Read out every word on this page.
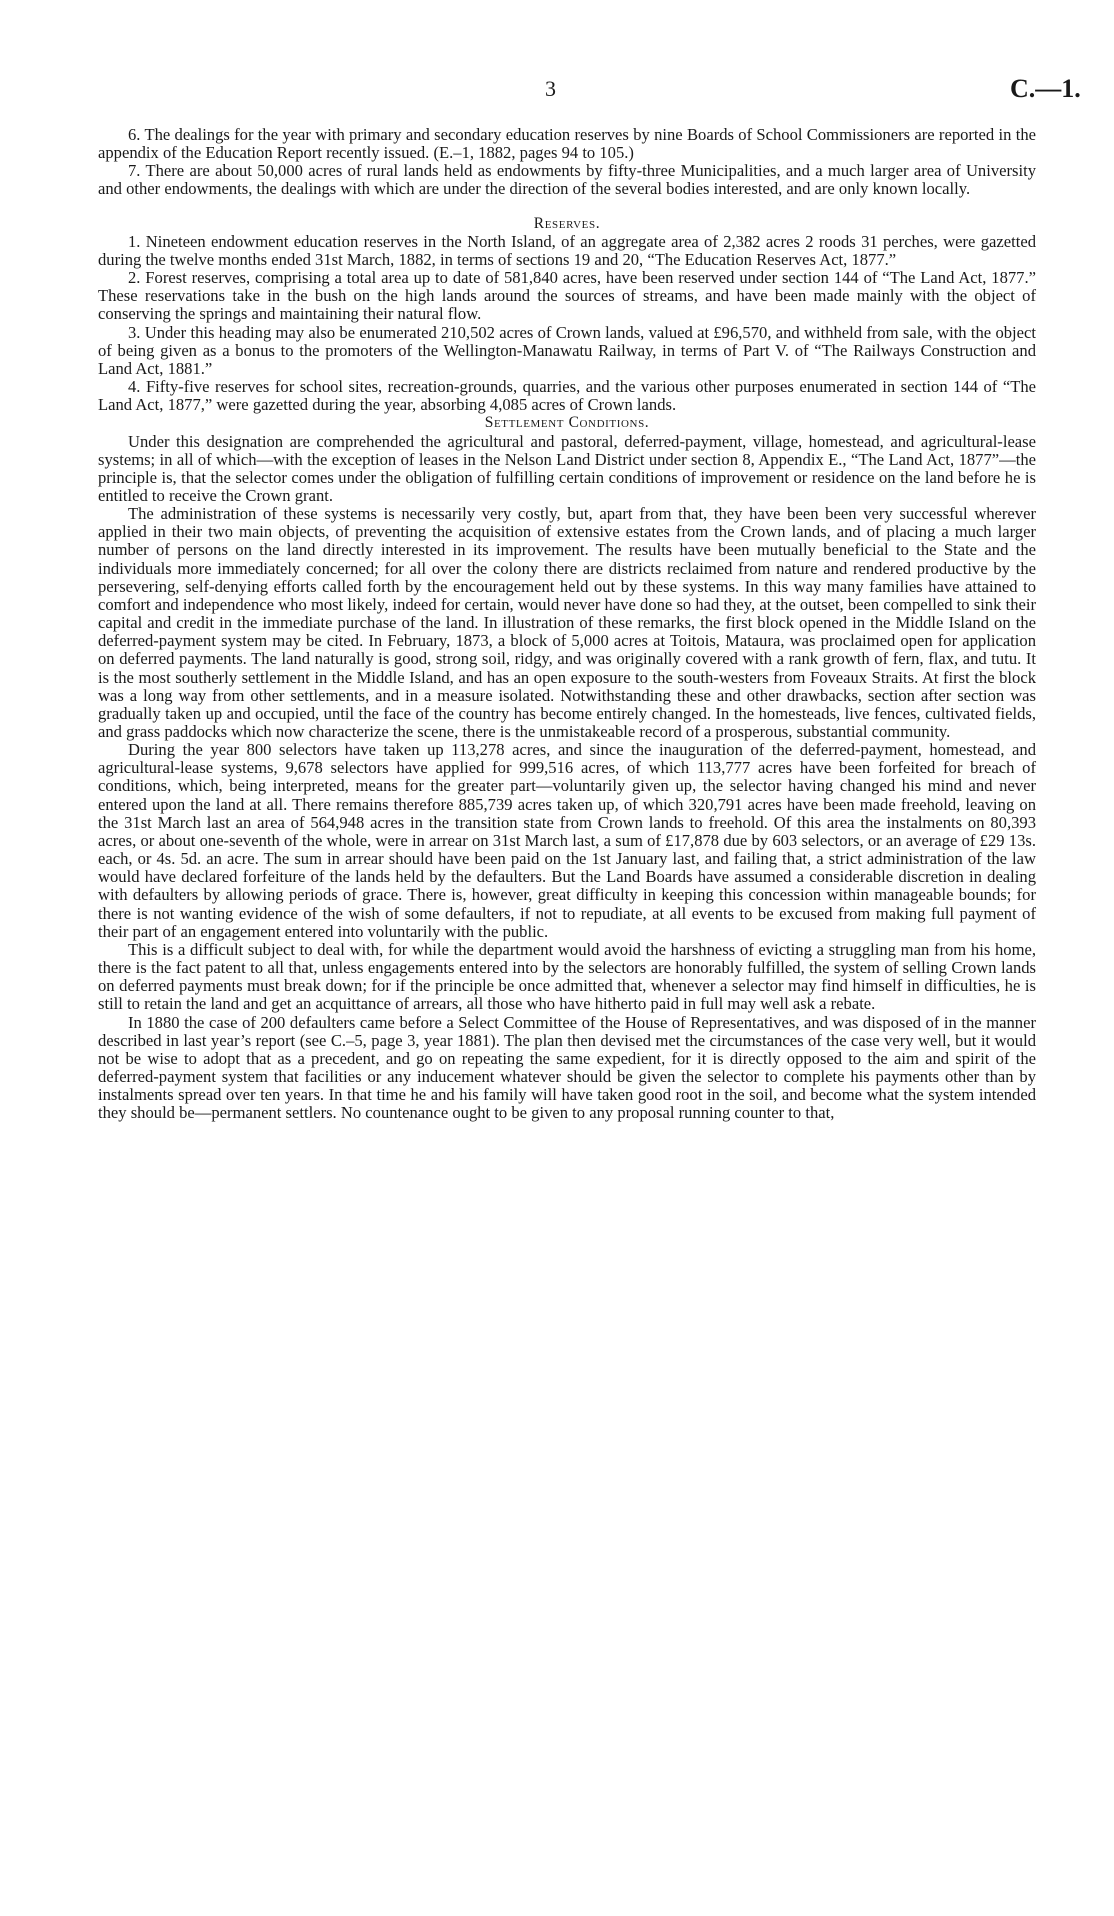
3	C.—1.

6. The dealings for the year with primary and secondary education reserves by nine Boards of School Commissioners are reported in the appendix of the Education Report recently issued. (E.–1, 1882, pages 94 to 105.)

7. There are about 50,000 acres of rural lands held as endowments by fifty-three Municipalities, and a much larger area of University and other endowments, the dealings with which are under the direction of the several bodies interested, and are only known locally.

Reserves.

1. Nineteen endowment education reserves in the North Island, of an aggregate area of 2,382 acres 2 roods 31 perches, were gazetted during the twelve months ended 31st March, 1882, in terms of sections 19 and 20, “The Education Reserves Act, 1877.”

2. Forest reserves, comprising a total area up to date of 581,840 acres, have been reserved under section 144 of “The Land Act, 1877.” These reservations take in the bush on the high lands around the sources of streams, and have been made mainly with the object of conserving the springs and maintaining their natural flow.

3. Under this heading may also be enumerated 210,502 acres of Crown lands, valued at £96,570, and withheld from sale, with the object of being given as a bonus to the promoters of the Wellington-Manawatu Railway, in terms of Part V. of “The Railways Construction and Land Act, 1881.”

4. Fifty-five reserves for school sites, recreation-grounds, quarries, and the various other purposes enumerated in section 144 of “The Land Act, 1877,” were gazetted during the year, absorbing 4,085 acres of Crown lands.

Settlement Conditions.

Under this designation are comprehended the agricultural and pastoral, deferred-payment, village, homestead, and agricultural-lease systems; in all of which—with the exception of leases in the Nelson Land District under section 8, Appendix E., “The Land Act, 1877”—the principle is, that the selector comes under the obligation of fulfilling certain conditions of improvement or residence on the land before he is entitled to receive the Crown grant.

The administration of these systems is necessarily very costly, but, apart from that, they have been been very successful wherever applied in their two main objects, of preventing the acquisition of extensive estates from the Crown lands, and of placing a much larger number of persons on the land directly interested in its improvement. The results have been mutually beneficial to the State and the individuals more immediately concerned; for all over the colony there are districts reclaimed from nature and rendered productive by the persevering, self-denying efforts called forth by the encouragement held out by these systems. In this way many families have attained to comfort and independence who most likely, indeed for certain, would never have done so had they, at the outset, been compelled to sink their capital and credit in the immediate purchase of the land. In illustration of these remarks, the first block opened in the Middle Island on the deferred-payment system may be cited. In February, 1873, a block of 5,000 acres at Toitois, Mataura, was proclaimed open for application on deferred payments. The land naturally is good, strong soil, ridgy, and was originally covered with a rank growth of fern, flax, and tutu. It is the most southerly settlement in the Middle Island, and has an open exposure to the south-westers from Foveaux Straits. At first the block was a long way from other settlements, and in a measure isolated. Notwithstanding these and other drawbacks, section after section was gradually taken up and occupied, until the face of the country has become entirely changed. In the homesteads, live fences, cultivated fields, and grass paddocks which now characterize the scene, there is the unmistakeable record of a prosperous, substantial community.

During the year 800 selectors have taken up 113,278 acres, and since the inauguration of the deferred-payment, homestead, and agricultural-lease systems, 9,678 selectors have applied for 999,516 acres, of which 113,777 acres have been forfeited for breach of conditions, which, being interpreted, means for the greater part—voluntarily given up, the selector having changed his mind and never entered upon the land at all. There remains therefore 885,739 acres taken up, of which 320,791 acres have been made freehold, leaving on the 31st March last an area of 564,948 acres in the transition state from Crown lands to freehold. Of this area the instalments on 80,393 acres, or about one-seventh of the whole, were in arrear on 31st March last, a sum of £17,878 due by 603 selectors, or an average of £29 13s. each, or 4s. 5d. an acre. The sum in arrear should have been paid on the 1st January last, and failing that, a strict administration of the law would have declared forfeiture of the lands held by the defaulters. But the Land Boards have assumed a considerable discretion in dealing with defaulters by allowing periods of grace. There is, however, great difficulty in keeping this concession within manageable bounds; for there is not wanting evidence of the wish of some defaulters, if not to repudiate, at all events to be excused from making full payment of their part of an engagement entered into voluntarily with the public.

This is a difficult subject to deal with, for while the department would avoid the harshness of evicting a struggling man from his home, there is the fact patent to all that, unless engagements entered into by the selectors are honorably fulfilled, the system of selling Crown lands on deferred payments must break down; for if the principle be once admitted that, whenever a selector may find himself in difficulties, he is still to retain the land and get an acquittance of arrears, all those who have hitherto paid in full may well ask a rebate.

In 1880 the case of 200 defaulters came before a Select Committee of the House of Representatives, and was disposed of in the manner described in last year’s report (see C.–5, page 3, year 1881). The plan then devised met the circumstances of the case very well, but it would not be wise to adopt that as a precedent, and go on repeating the same expedient, for it is directly opposed to the aim and spirit of the deferred-payment system that facilities or any inducement whatever should be given the selector to complete his payments other than by instalments spread over ten years. In that time he and his family will have taken good root in the soil, and become what the system intended they should be—permanent settlers. No countenance ought to be given to any proposal running counter to that,
